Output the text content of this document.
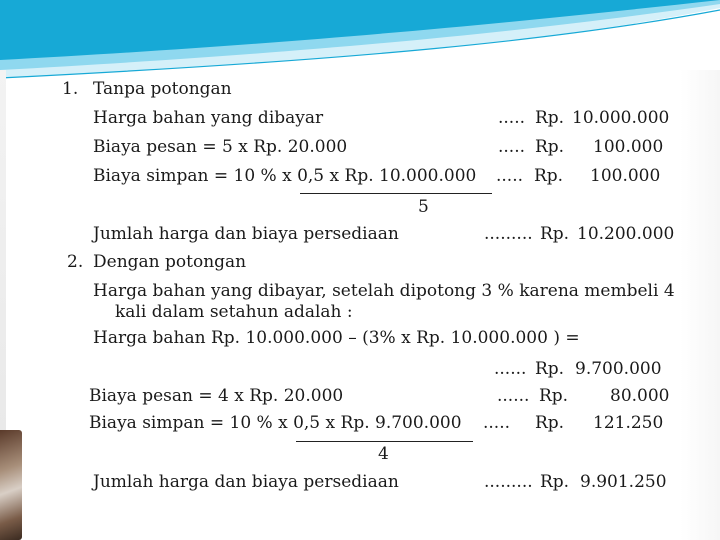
1. Tanpa potongan
Harga bahan yang dibayar	..... Rp. 10.000.000
Biaya pesan = 5 x Rp. 20.000	..... Rp. 100.000
Biaya simpan = 10 % x 0,5 x Rp. 10.000.000 ..... Rp. 100.000
5
Jumlah harga dan biaya persediaan	......... Rp. 10.200.000
2. Dengan potongan
Harga bahan yang dibayar, setelah dipotong 3 % karena membeli 4
kali dalam setahun adalah :
Harga bahan Rp. 10.000.000 – (3% x Rp. 10.000.000 ) =
...... Rp. 9.700.000
Biaya pesan = 4 x Rp. 20.000	...... Rp. 80.000
Biaya simpan = 10 % x 0,5 x Rp. 9.700.000 ..... Rp. 121.250
4
Jumlah harga dan biaya persediaan	......... Rp. 9.901.250
